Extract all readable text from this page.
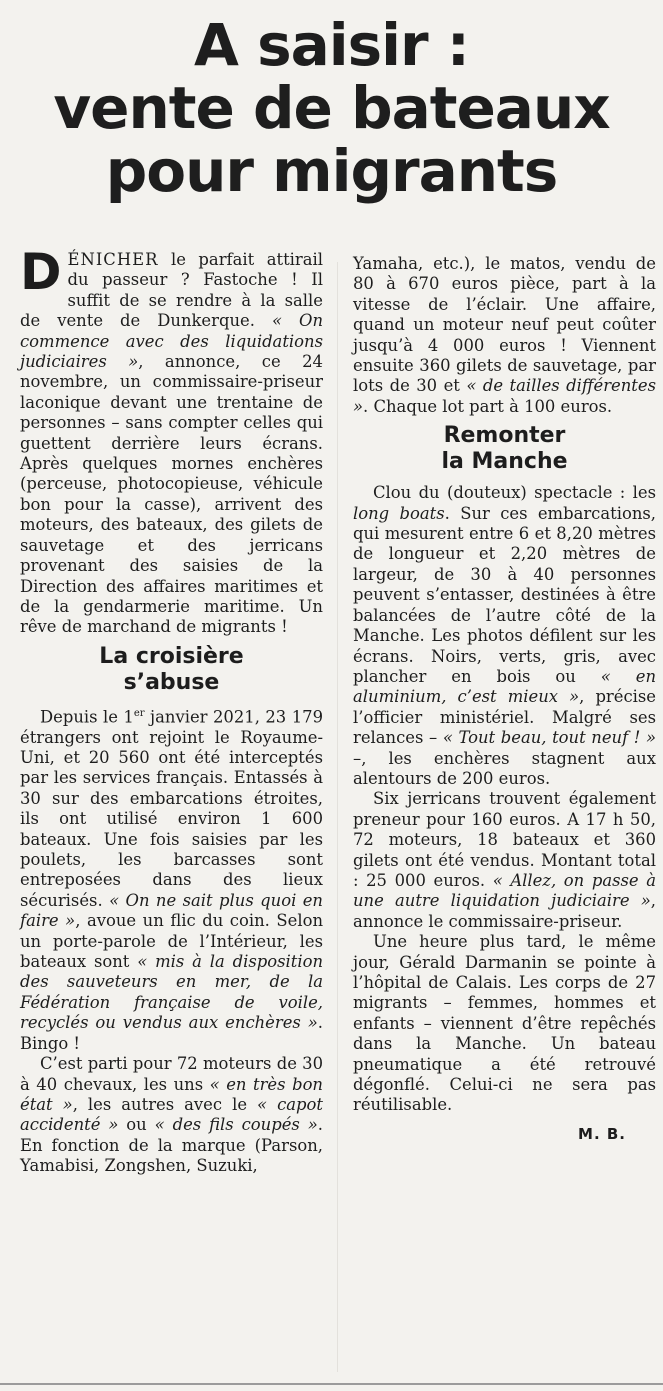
A saisir :
vente de bateaux
pour migrants

DÉNICHER le parfait attirail du passeur ? Fastoche ! Il suffit de se rendre à la salle de vente de Dunkerque. « On commence avec des liquidations judiciaires », annonce, ce 24 novembre, un commissaire-priseur laconique devant une trentaine de personnes – sans compter celles qui guettent derrière leurs écrans. Après quelques mornes enchères (perceuse, photocopieuse, véhicule bon pour la casse), arrivent des moteurs, des bateaux, des gilets de sauvetage et des jerricans provenant des saisies de la Direction des affaires maritimes et de la gendarmerie maritime. Un rêve de marchand de migrants !

La croisière
s’abuse

Depuis le 1er janvier 2021, 23 179 étrangers ont rejoint le Royaume-Uni, et 20 560 ont été interceptés par les services français. Entassés à 30 sur des embarcations étroites, ils ont utilisé environ 1 600 bateaux. Une fois saisies par les poulets, les barcasses sont entreposées dans des lieux sécurisés. « On ne sait plus quoi en faire », avoue un flic du coin. Selon un porte-parole de l’Intérieur, les bateaux sont « mis à la disposition des sauveteurs en mer, de la Fédération française de voile, recyclés ou vendus aux enchères ». Bingo !

C’est parti pour 72 moteurs de 30 à 40 chevaux, les uns « en très bon état », les autres avec le « capot accidenté » ou « des fils coupés ». En fonction de la marque (Parson, Yamabisi, Zongshen, Suzuki,

Yamaha, etc.), le matos, vendu de 80 à 670 euros pièce, part à la vitesse de l’éclair. Une affaire, quand un moteur neuf peut coûter jusqu’à 4 000 euros ! Viennent ensuite 360 gilets de sauvetage, par lots de 30 et « de tailles différentes ». Chaque lot part à 100 euros.

Remonter
la Manche

Clou du (douteux) spectacle : les long boats. Sur ces embarcations, qui mesurent entre 6 et 8,20 mètres de longueur et 2,20 mètres de largeur, de 30 à 40 personnes peuvent s’entasser, destinées à être balancées de l’autre côté de la Manche. Les photos défilent sur les écrans. Noirs, verts, gris, avec plancher en bois ou « en aluminium, c’est mieux », précise l’officier ministériel. Malgré ses relances – « Tout beau, tout neuf ! » –, les enchères stagnent aux alentours de 200 euros.

Six jerricans trouvent également preneur pour 160 euros. A 17 h 50, 72 moteurs, 18 bateaux et 360 gilets ont été vendus. Montant total : 25 000 euros. « Allez, on passe à une autre liquidation judiciaire », annonce le commissaire-priseur.

Une heure plus tard, le même jour, Gérald Darmanin se pointe à l’hôpital de Calais. Les corps de 27 migrants – femmes, hommes et enfants – viennent d’être repêchés dans la Manche. Un bateau pneumatique a été retrouvé dégonflé. Celui-ci ne sera pas réutilisable.

M. B.
